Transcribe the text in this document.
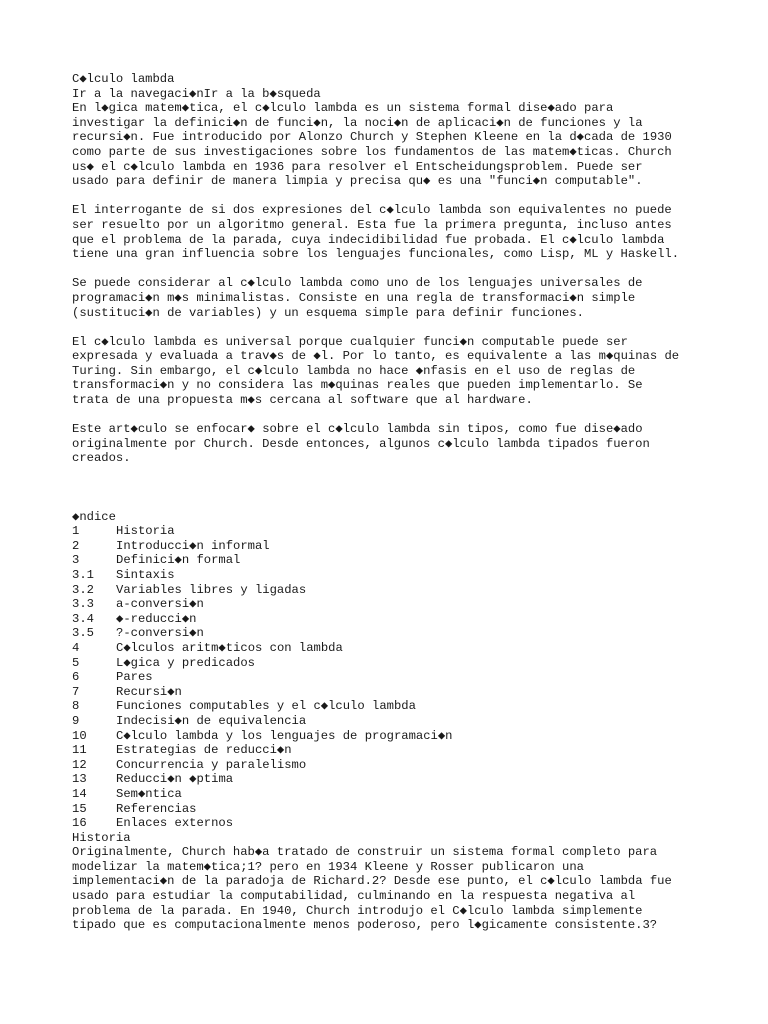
C◆lculo lambda
Ir a la navegaci◆nIr a la b◆squeda
En l◆gica matem◆tica, el c◆lculo lambda es un sistema formal dise◆ado para
investigar la definici◆n de funci◆n, la noci◆n de aplicaci◆n de funciones y la
recursi◆n. Fue introducido por Alonzo Church y Stephen Kleene en la d◆cada de 1930
como parte de sus investigaciones sobre los fundamentos de las matem◆ticas. Church
us◆ el c◆lculo lambda en 1936 para resolver el Entscheidungsproblem. Puede ser
usado para definir de manera limpia y precisa qu◆ es una "funci◆n computable".
El interrogante de si dos expresiones del c◆lculo lambda son equivalentes no puede
ser resuelto por un algoritmo general. Esta fue la primera pregunta, incluso antes
que el problema de la parada, cuya indecidibilidad fue probada. El c◆lculo lambda
tiene una gran influencia sobre los lenguajes funcionales, como Lisp, ML y Haskell.
Se puede considerar al c◆lculo lambda como uno de los lenguajes universales de
programaci◆n m◆s minimalistas. Consiste en una regla de transformaci◆n simple
(sustituci◆n de variables) y un esquema simple para definir funciones.
El c◆lculo lambda es universal porque cualquier funci◆n computable puede ser
expresada y evaluada a trav◆s de ◆l. Por lo tanto, es equivalente a las m◆quinas de
Turing. Sin embargo, el c◆lculo lambda no hace ◆nfasis en el uso de reglas de
transformaci◆n y no considera las m◆quinas reales que pueden implementarlo. Se
trata de una propuesta m◆s cercana al software que al hardware.
Este art◆culo se enfocar◆ sobre el c◆lculo lambda sin tipos, como fue dise◆ado
originalmente por Church. Desde entonces, algunos c◆lculo lambda tipados fueron
creados.
◆ndice
1	Historia
2	Introducci◆n informal
3	Definici◆n formal
3.1	Sintaxis
3.2	Variables libres y ligadas
3.3	a-conversi◆n
3.4	◆-reducci◆n
3.5	?-conversi◆n
4	C◆lculos aritm◆ticos con lambda
5	L◆gica y predicados
6	Pares
7	Recursi◆n
8	Funciones computables y el c◆lculo lambda
9	Indecisi◆n de equivalencia
10	C◆lculo lambda y los lenguajes de programaci◆n
11	Estrategias de reducci◆n
12	Concurrencia y paralelismo
13	Reducci◆n ◆ptima
14	Sem◆ntica
15	Referencias
16	Enlaces externos
Historia
Originalmente, Church hab◆a tratado de construir un sistema formal completo para
modelizar la matem◆tica;1? pero en 1934 Kleene y Rosser publicaron una
implementaci◆n de la paradoja de Richard.2? Desde ese punto, el c◆lculo lambda fue
usado para estudiar la computabilidad, culminando en la respuesta negativa al
problema de la parada. En 1940, Church introdujo el C◆lculo lambda simplemente
tipado que es computacionalmente menos poderoso, pero l◆gicamente consistente.3?
